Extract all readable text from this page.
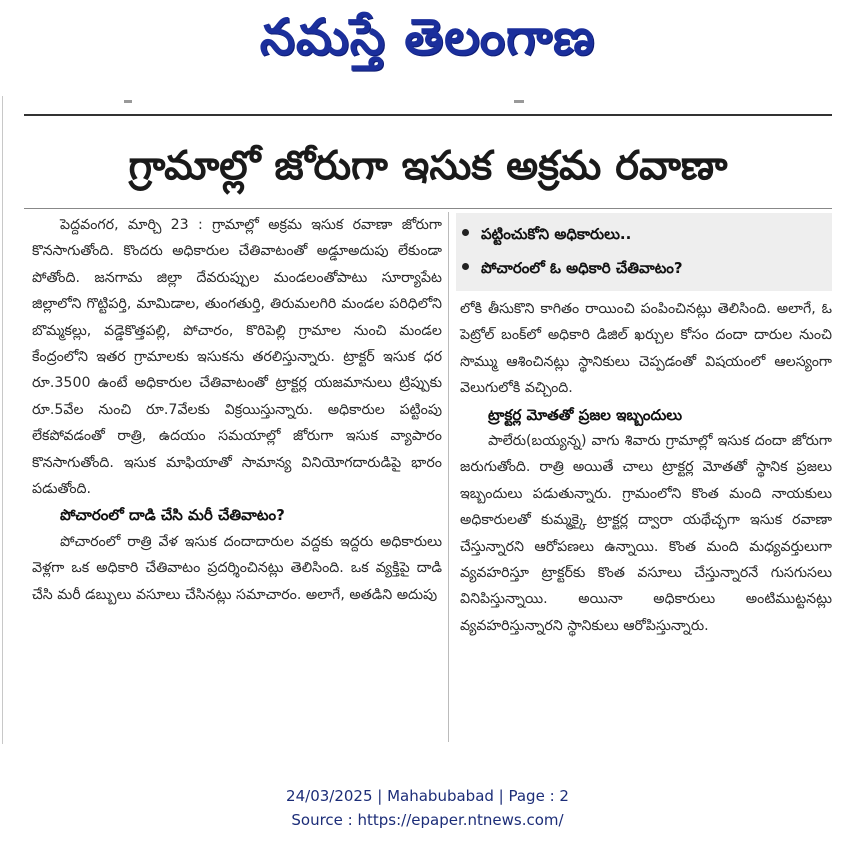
నమస్తే తెలంగాణ
గ్రామాల్లో జోరుగా ఇసుక అక్రమ రవాణా

పెద్దవంగర, మార్చి 23 : గ్రామాల్లో అక్రమ ఇసుక రవాణా జోరుగా కొనసాగుతోంది. కొందరు అధికారుల చేతివాటంతో అడ్డూఅదుపు లేకుండా పోతోంది. జనగామ జిల్లా దేవరుప్పుల మండలంతోపాటు సూర్యాపేట జిల్లాలోని గొట్టిపర్తి, మామిడాల, తుంగతుర్తి, తిరుమలగిరి మండల పరిధిలోని బొమ్మకల్లు, వడ్డెకొత్తపల్లి, పోచారం, కొరిపెల్లి గ్రామాల నుంచి మండల కేంద్రంలోని ఇతర గ్రామాలకు ఇసుకను తరలిస్తున్నారు. ట్రాక్టర్ ఇసుక ధర రూ.3500 ఉంటే అధికారుల చేతివాటంతో ట్రాక్టర్ల యజమానులు ట్రిప్పుకు రూ.5వేల నుంచి రూ.7వేలకు విక్రయిస్తున్నారు. అధికారుల పట్టింపు లేకపోవడంతో రాత్రి, ఉదయం సమయాల్లో జోరుగా ఇసుక వ్యాపారం కొనసాగుతోంది. ఇసుక మాఫియాతో సామాన్య వినియోగదారుడిపై భారం పడుతోంది.

పోచారంలో దాడి చేసి మరీ చేతివాటం?

పోచారంలో రాత్రి వేళ ఇసుక దందాదారుల వద్దకు ఇద్దరు అధికారులు వెళ్లగా ఒక అధికారి చేతివాటం ప్రదర్శించినట్లు తెలిసింది. ఒక వ్యక్తిపై దాడి చేసి మరీ డబ్బులు వసూలు చేసినట్లు సమాచారం. అలాగే, అతడిని అదుపు

పట్టించుకోని అధికారులు..
పోచారంలో ఓ అధికారి చేతివాటం?

లోకి తీసుకొని కాగితం రాయించి పంపించినట్లు తెలిసింది. అలాగే, ఓ పెట్రోల్ బంక్‌లో అధికారి డిజిల్ ఖర్చుల కోసం దందా దారుల నుంచి సొమ్ము ఆశించినట్లు స్థానికులు చెప్పడంతో విషయంలో ఆలస్యంగా వెలుగులోకి వచ్చింది.

ట్రాక్టర్ల మోతతో ప్రజల ఇబ్బందులు

పాలేరు(బయ్యన్న) వాగు శివారు గ్రామాల్లో ఇసుక దందా జోరుగా జరుగుతోంది. రాత్రి అయితే చాలు ట్రాక్టర్ల మోతతో స్థానిక ప్రజలు ఇబ్బందులు పడుతున్నారు. గ్రామంలోని కొంత మంది నాయకులు అధికారులతో కుమ్మక్కై ట్రాక్టర్ల ద్వారా యథేచ్ఛగా ఇసుక రవాణా చేస్తున్నారని ఆరోపణలు ఉన్నాయి. కొంత మంది మధ్యవర్తులుగా వ్యవహరిస్తూ ట్రాక్టర్‌కు కొంత వసూలు చేస్తున్నారనే గుసగుసలు వినిపిస్తున్నాయి. అయినా అధికారులు అంటిముట్టనట్లు వ్యవహరిస్తున్నారని స్థానికులు ఆరోపిస్తున్నారు.

24/03/2025 | Mahabubabad | Page : 2
Source : https://epaper.ntnews.com/
